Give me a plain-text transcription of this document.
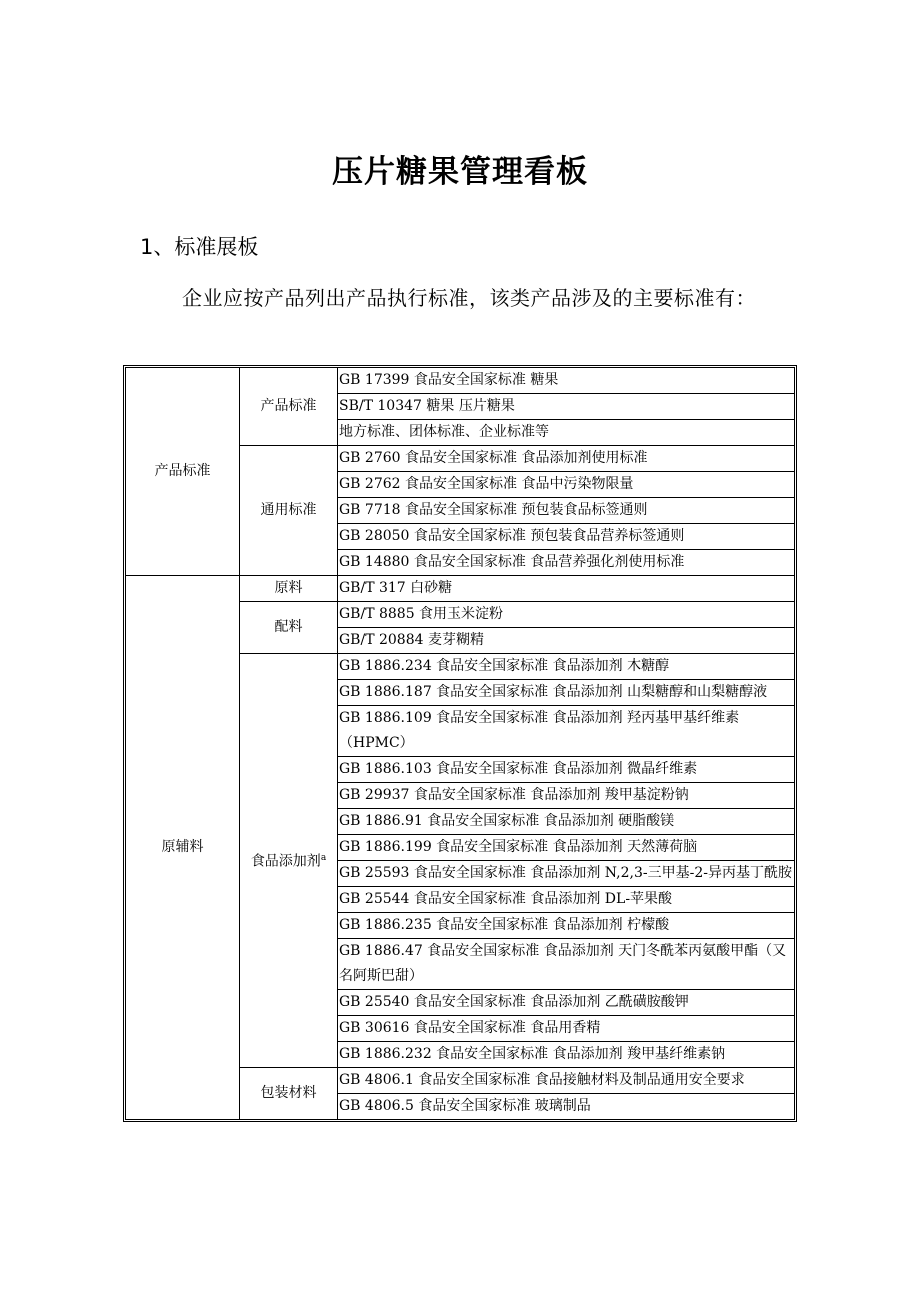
压片糖果管理看板
1、标准展板
企业应按产品列出产品执行标准，该类产品涉及的主要标准有：
产品标准	产品标准	GB 17399 食品安全国家标准 糖果
		SB/T 10347 糖果 压片糖果
		地方标准、团体标准、企业标准等
	通用标准	GB 2760 食品安全国家标准 食品添加剂使用标准
		GB 2762 食品安全国家标准 食品中污染物限量
		GB 7718 食品安全国家标准 预包装食品标签通则
		GB 28050 食品安全国家标准 预包装食品营养标签通则
		GB 14880 食品安全国家标准 食品营养强化剂使用标准
原辅料	原料	GB/T 317 白砂糖
	配料	GB/T 8885 食用玉米淀粉
		GB/T 20884 麦芽糊精
	食品添加剂$^a$	GB 1886.234 食品安全国家标准 食品添加剂 木糖醇
		GB 1886.187 食品安全国家标准 食品添加剂 山梨糖醇和山梨糖醇液
		GB 1886.109 食品安全国家标准 食品添加剂 羟丙基甲基纤维素（HPMC）
		GB 1886.103 食品安全国家标准 食品添加剂 微晶纤维素
		GB 29937 食品安全国家标准 食品添加剂 羧甲基淀粉钠
		GB 1886.91 食品安全国家标准 食品添加剂 硬脂酸镁
		GB 1886.199 食品安全国家标准 食品添加剂 天然薄荷脑
		GB 25593 食品安全国家标准 食品添加剂 N,2,3-三甲基-2-异丙基丁酰胺
		GB 25544 食品安全国家标准 食品添加剂 DL-苹果酸
		GB 1886.235 食品安全国家标准 食品添加剂 柠檬酸
		GB 1886.47 食品安全国家标准 食品添加剂 天门冬酰苯丙氨酸甲酯（又名阿斯巴甜）
		GB 25540 食品安全国家标准 食品添加剂 乙酰磺胺酸钾
		GB 30616 食品安全国家标准 食品用香精
		GB 1886.232 食品安全国家标准 食品添加剂 羧甲基纤维素钠
	包装材料	GB 4806.1 食品安全国家标准 食品接触材料及制品通用安全要求
		GB 4806.5 食品安全国家标准 玻璃制品
